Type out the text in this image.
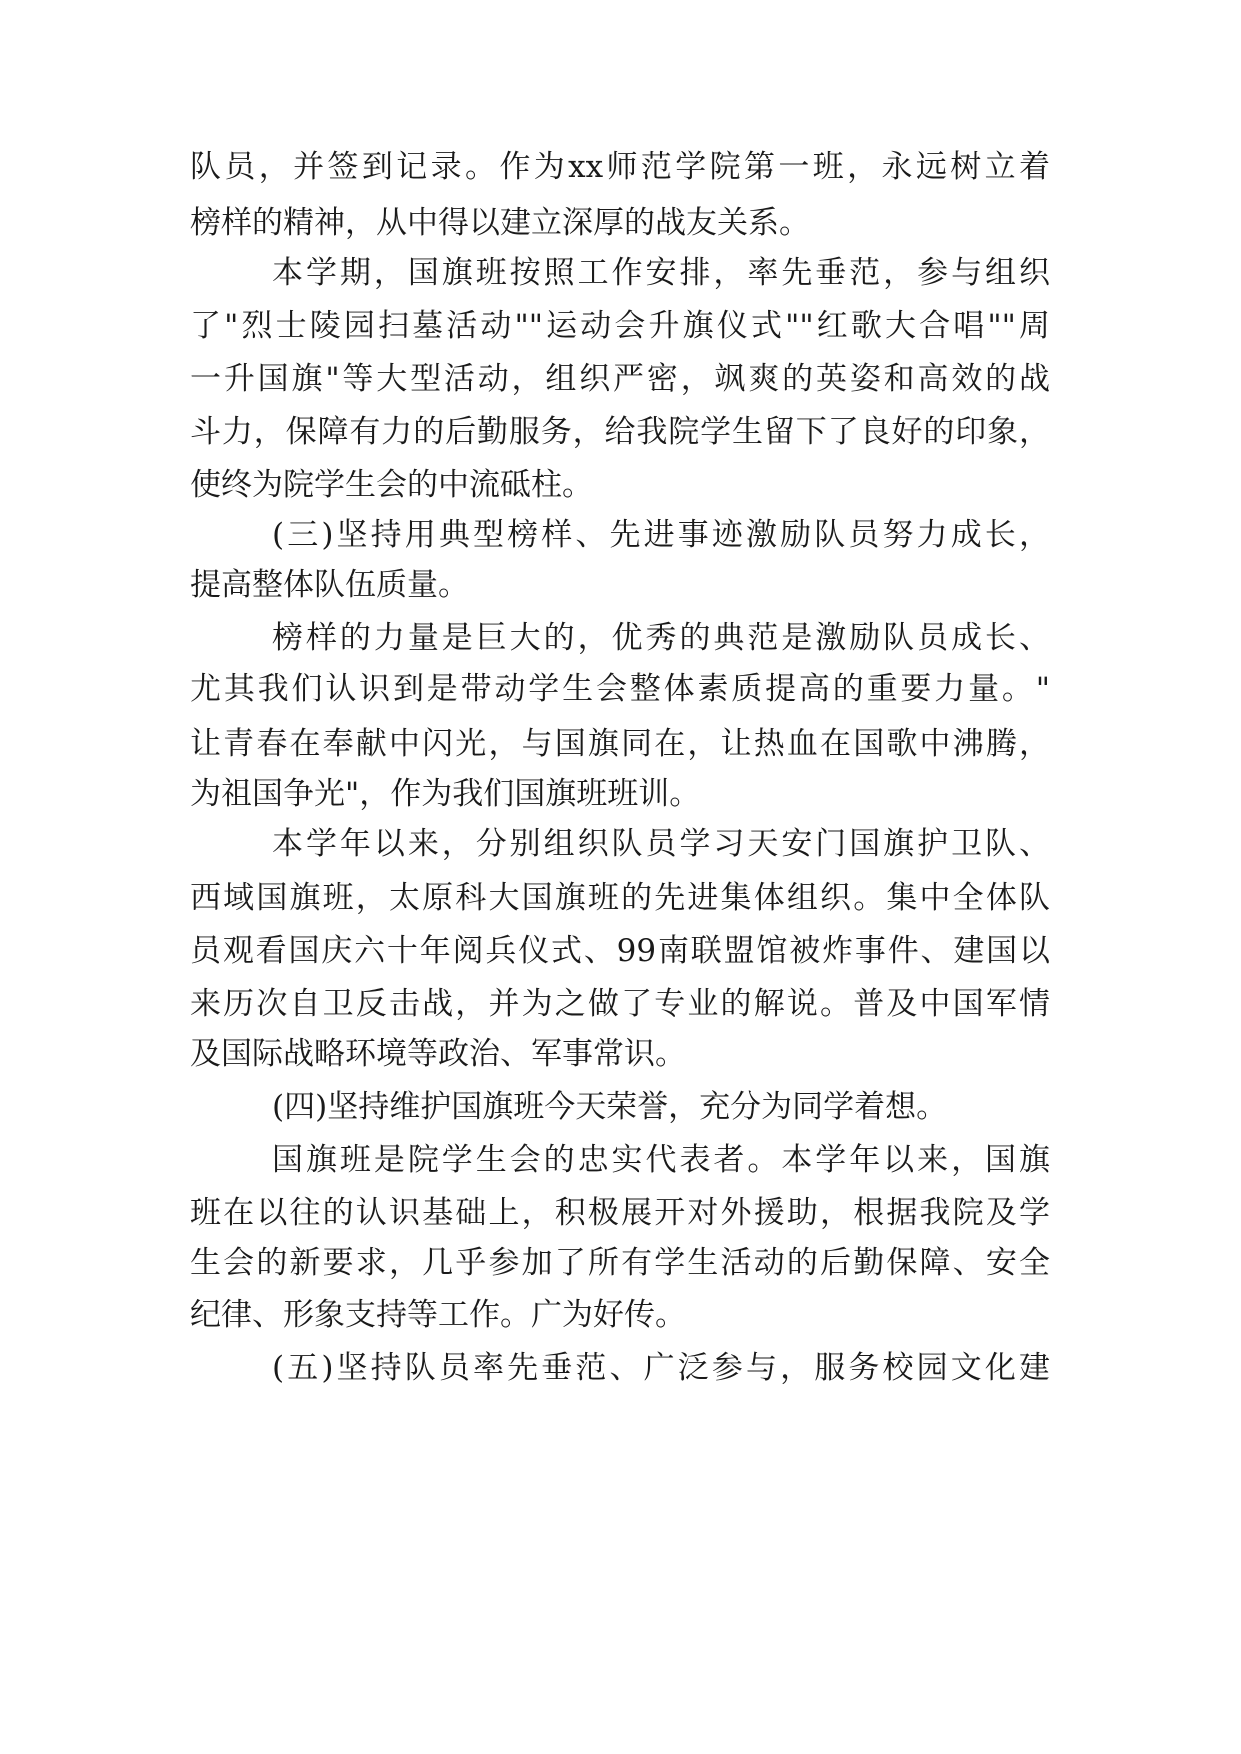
队员，并签到记录。作为xx师范学院第一班，永远树立着
榜样的精神，从中得以建立深厚的战友关系。
本学期，国旗班按照工作安排，率先垂范，参与组织
了"烈士陵园扫墓活动""运动会升旗仪式""红歌大合唱""周
一升国旗"等大型活动，组织严密，飒爽的英姿和高效的战
斗力，保障有力的后勤服务，给我院学生留下了良好的印象，
使终为院学生会的中流砥柱。
(三)坚持用典型榜样、先进事迹激励队员努力成长，
提高整体队伍质量。
榜样的力量是巨大的，优秀的典范是激励队员成长、
尤其我们认识到是带动学生会整体素质提高的重要力量。"
让青春在奉献中闪光，与国旗同在，让热血在国歌中沸腾，
为祖国争光"，作为我们国旗班班训。
本学年以来，分别组织队员学习天安门国旗护卫队、
西域国旗班，太原科大国旗班的先进集体组织。集中全体队
员观看国庆六十年阅兵仪式、99南联盟馆被炸事件、建国以
来历次自卫反击战，并为之做了专业的解说。普及中国军情
及国际战略环境等政治、军事常识。
(四)坚持维护国旗班今天荣誉，充分为同学着想。
国旗班是院学生会的忠实代表者。本学年以来，国旗
班在以往的认识基础上，积极展开对外援助，根据我院及学
生会的新要求，几乎参加了所有学生活动的后勤保障、安全
纪律、形象支持等工作。广为好传。
(五)坚持队员率先垂范、广泛参与，服务校园文化建
